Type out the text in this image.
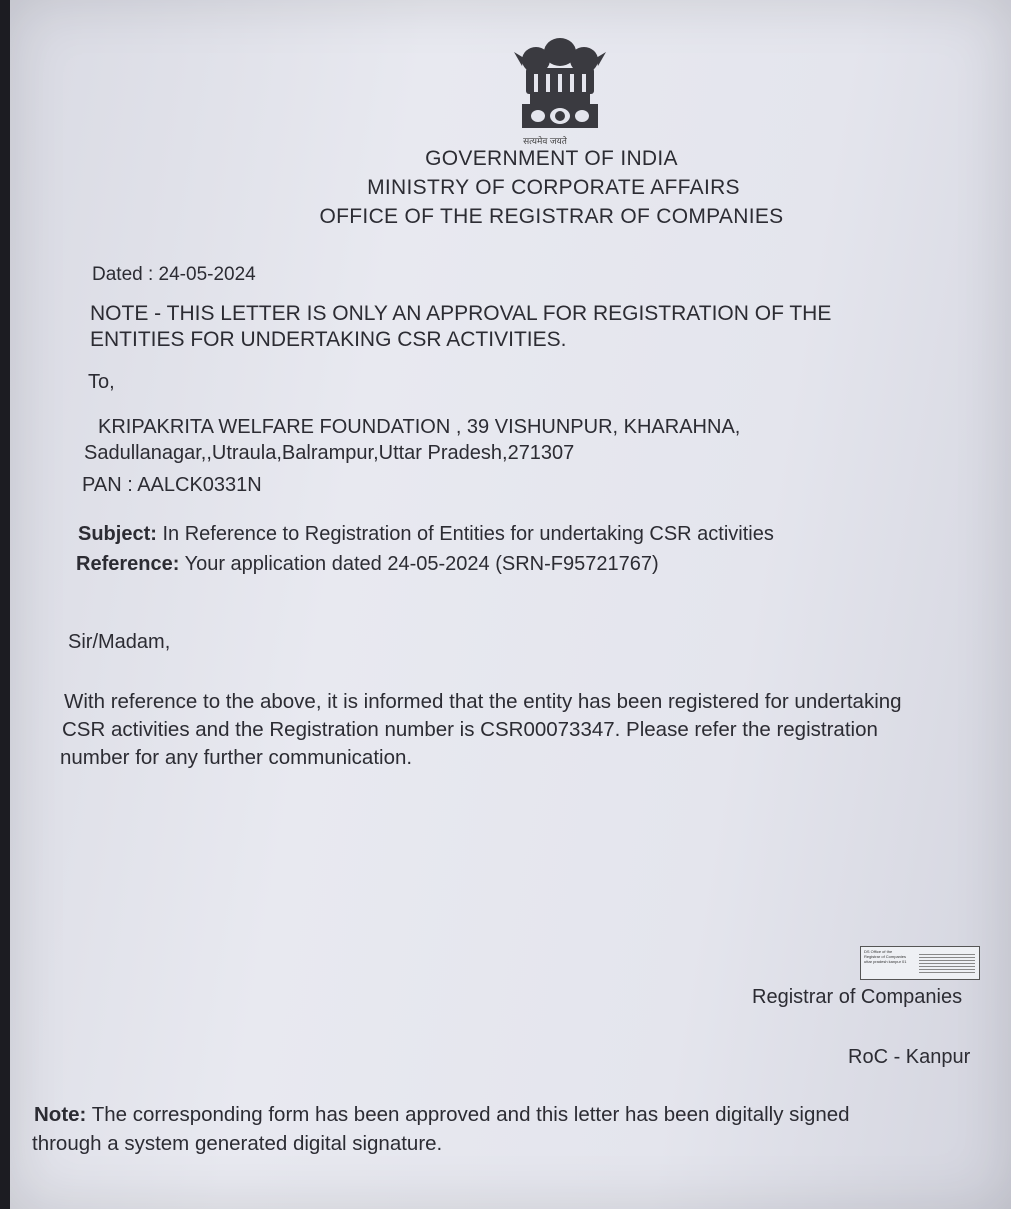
सत्यमेव जयते
GOVERNMENT OF INDIA
MINISTRY OF CORPORATE AFFAIRS
OFFICE OF THE REGISTRAR OF COMPANIES
Dated : 24-05-2024
NOTE - THIS LETTER IS ONLY AN APPROVAL FOR REGISTRATION OF THE
ENTITIES FOR UNDERTAKING CSR ACTIVITIES.
To,
KRIPAKRITA WELFARE FOUNDATION , 39 VISHUNPUR, KHARAHNA,
Sadullanagar,,Utraula,Balrampur,Uttar Pradesh,271307
PAN : AALCK0331N
Subject: In Reference to Registration of Entities for undertaking CSR activities
Reference: Your application dated 24-05-2024 (SRN-F95721767)
Sir/Madam,
With reference to the above, it is informed that the entity has been registered for undertaking
CSR activities and the Registration number is CSR00073347. Please refer the registration
number for any further communication.
DS Office of the Registrar of Companies uttar pradesh kanpur 01
Registrar of Companies
RoC - Kanpur
Note: The corresponding form has been approved and this letter has been digitally signed
through a system generated digital signature.
